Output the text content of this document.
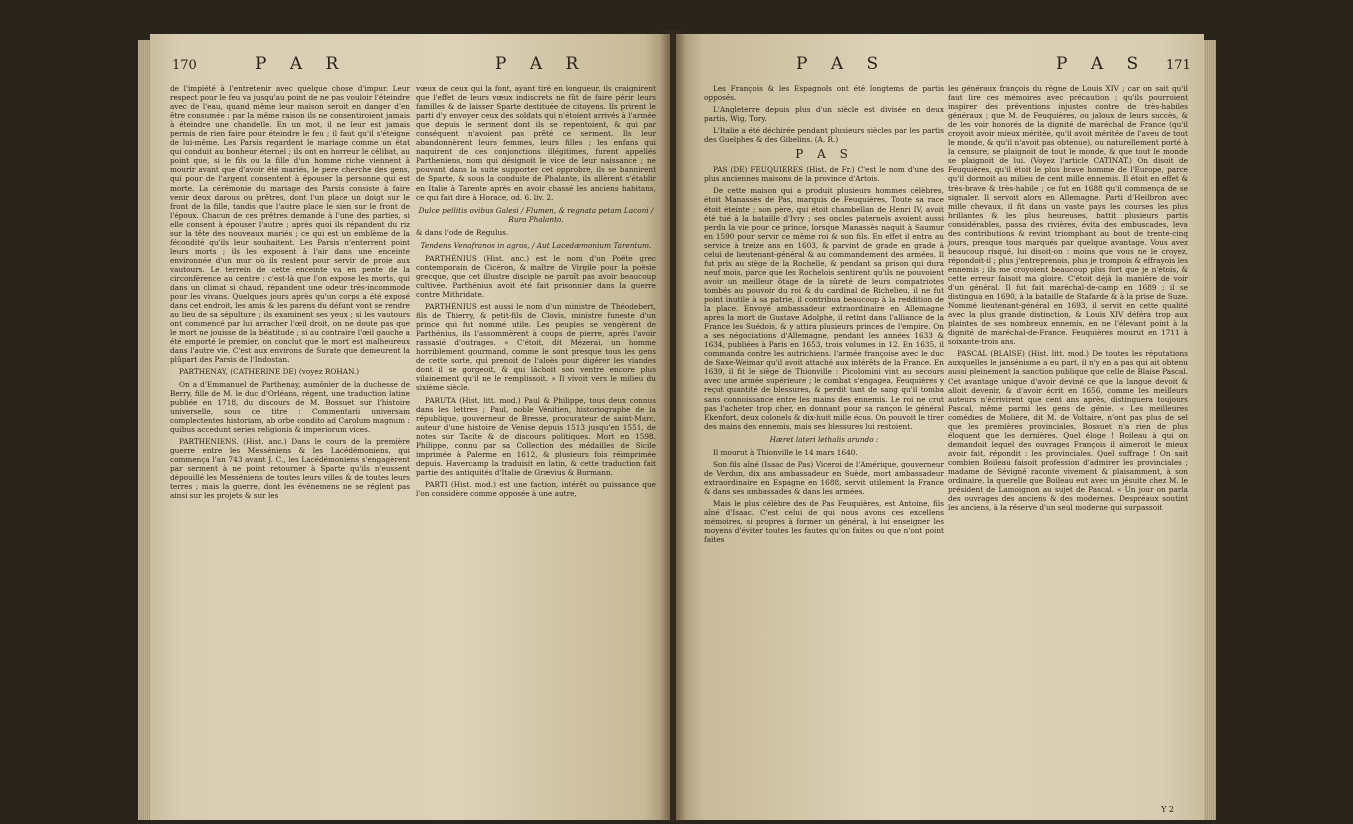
170	P A R	P A R

de l'impiété à l'entretenir avec quelque chose d'impur. Leur respect pour le feu va jusqu'au point de ne pas vouloir l'éteindre avec de l'eau, quand même leur maison seroit en danger d'en être consumée : par la même raison ils ne consentiroient jamais à éteindre une chandelle. En un mot, il ne leur est jamais permis de rien faire pour éteindre le feu ; il faut qu'il s'éteigne de lui-même. Les Parsis regardent le mariage comme un état qui conduit au bonheur éternel ; ils ont en horreur le célibat, au point que, si le fils ou la fille d'un homme riche viennent à mourir avant que d'avoir été mariés, le pere cherche des gens, qui pour de l'argent consentent à épouser la personne qui est morte. La cérémonie du mariage des Parsis consiste à faire venir deux darous ou prêtres, dont l'un place un doigt sur le front de la fille, tandis que l'autre place le sien sur le front de l'époux. Chacun de ces prêtres demande à l'une des parties, si elle consent à épouser l'autre ; après quoi ils répandent du riz sur la tête des nouveaux mariés ; ce qui est un emblème de la fécondité qu'ils leur souhaitent. Les Parsis n'enterrent point leurs morts ; ils les exposent à l'air dans une enceinte environnée d'un mur où ils restent pour servir de proie aux vautours. Le terrein de cette enceinte va en pente de la circonférence au centre : c'est-là que l'on expose les morts, qui dans un climat si chaud, répandent une odeur très-incommode pour les vivans. Quelques jours après qu'un corps a été exposé dans cet endroit, les amis & les parens du défunt vont se rendre au lieu de sa sépulture ; ils examinent ses yeux ; si les vautours ont commencé par lui arracher l'œil droit, on ne doute pas que le mort ne jouisse de la béatitude ; si au contraire l'œil gauche a été emporté le premier, on conclut que le mort est malheureux dans l'autre vie. C'est aux environs de Surate que demeurent la plûpart des Parsis de l'Indostan.

PARTHENAY, (CATHERINE DE) (voyez ROHAN.)

On a d'Emmanuel de Parthenay, aumônier de la duchesse de Berry, fille de M. le duc d'Orléans, régent, une traduction latine publiée en 1718, du discours de M. Bossuet sur l'histoire universelle, sous ce titre : Commentarii universam complectentes historiam, ab orbe condito ad Carolum magnum : quibus accedunt series religionis & imperiorum vices.

PARTHENIENS. (Hist. anc.) Dans le cours de la première guerre entre les Messéniens & les Lacédémoniens, qui commença l'an 743 avant J. C., les Lacédémoniens s'engagèrent par serment à ne point retourner à Sparte qu'ils n'eussent dépouillé les Messéniens de toutes leurs villes & de toutes leurs terres ; mais la guerre, dont les événemens ne se réglent pas ainsi sur les projets & sur les

vœux de ceux qui la font, ayant tiré en longueur, ils craignirent que l'effet de leurs vœux indiscrets ne fût de faire périr leurs familles & de laisser Sparte destituée de citoyens. Ils prirent le parti d'y envoyer ceux des soldats qui n'étoient arrivés à l'armée que depuis le serment dont ils se repentoient, & qui par conséquent n'avoient pas prêté ce serment. Ils leur abandonnèrent leurs femmes, leurs filles ; les enfans qui naquirent de ces conjonctions illégitimes, furent appellés Partheniens, nom qui désignoit le vice de leur naissance ; ne pouvant dans la suite supporter cet opprobre, ils se bannirent de Sparte, & sous la conduite de Phalante, ils allèrent s'établir en Italie à Tarente après en avoir chassé les anciens habitans, ce qui fait dire à Horace, od. 6. liv. 2.

Dulce pellitis ovibus Galesi / Flumen, & regnata petam Laconi / Rura Phalanto.

& dans l'ode de Regulus.

Tendens Venafranos in agros, / Aut Lacedæmonium Tarentum.

PARTHÉNIUS (Hist. anc.) est le nom d'un Poëte grec contemporain de Cicéron, & maître de Virgile pour la poësie grecque, que cet illustre disciple ne paroît pas avoir beaucoup cultivée. Parthénius avoit été fait prisonnier dans la guerre contre Mithridate.

PARTHÉNIUS est aussi le nom d'un ministre de Théodebert, fils de Thierry, & petit-fils de Clovis, ministre funeste d'un prince qui fut nommé utile. Les peuples se vengèrent de Parthénius, ils l'assommèrent à coups de pierre, après l'avoir rassasié d'outrages. « C'étoit, dit Mézerai, un homme horriblement gourmand, comme le sont presque tous les gens de cette sorte, qui prenoit de l'aloès pour digérer les viandes dont il se gorgeoit, & qui lâchoit son ventre encore plus vilainement qu'il ne le remplissoit. » Il vivoit vers le milieu du sixième siècle.

PARUTA (Hist. litt. mod.) Paul & Philippe, tous deux connus dans les lettres ; Paul, noble Vénitien, historiographe de la république, gouverneur de Bresse, procurateur de saint-Marc, auteur d'une histoire de Venise depuis 1513 jusqu'en 1551, de notes sur Tacite & de discours politiques. Mort en 1598. Philippe, connu par sa Collection des médailles de Sicile imprimée à Palerme en 1612, & plusieurs fois réimprimée depuis. Havercamp la traduisit en latin, & cette traduction fait partie des antiquités d'Italie de Grævius & Burmann.

PARTI (Hist. mod.) est une faction, intérêt ou puissance que l'on considère comme opposée à une autre,

P A S	P A S 171

Les François & les Espagnols ont été longtems de partis opposés.

L'Angleterre depuis plus d'un siècle est divisée en deux partis, Wig, Tory.

L'Italie a été déchirée pendant plusieurs siècles par les partis des Guelphes & des Gibelins. (A. R.)

P A S

PAS (DE) FEUQUIERES (Hist. de Fr.) C'est le nom d'une des plus anciennes maisons de la province d'Artois.

De cette maison qui a produit plusieurs hommes célèbres, étoit Manassès de Pas, marquis de Feuquières, Toute sa race étoit éteinte ; son père, qui étoit chambellan de Henri IV, avoit été tué à la bataille d'Ivry ; ses oncles paternels avoient aussi perdu la vie pour ce prince, lorsque Manassès naquit à Saumur en 1590 pour servir ce même roi & son fils. En effet il entra au service à treize ans en 1603, & parvint de grade en grade à celui de lieutenant-général & au commandement des armées. Il fut pris au siège de la Rochelle, & pendant sa prison qui dura neuf mois, parce que les Rochelois sentirent qu'ils ne pouvoient avoir un meilleur ôtage de la sûreté de leurs compatriotes tombés au pouvoir du roi & du cardinal de Richelieu, il ne fut point inutile à sa patrie, il contribua beaucoup à la reddition de la place. Envoyé ambassadeur extraordinaire en Allemagne après la mort de Gustave Adolphe, il retint dans l'alliance de la France les Suédois, & y attira plusieurs princes de l'empire. On a ses négociations d'Allemagne, pendant les années 1633 & 1634, publiées à Paris en 1653, trois volumes in 12. En 1635, il commanda contre les autrichiens. l'armée françoise avec le duc de Saxe-Weimar qu'il avoit attaché aux intérêts de la France. En 1639, il fit le siège de Thionville : Picolomini vint au secours avec une armée supérieure ; le combat s'engagea, Feuquières y reçut quantité de blessures, & perdit tant de sang qu'il tomba sans connoissance entre les mains des ennemis. Le roi ne crut pas l'acheter trop cher, en donnant pour sa rançon le général Ekenfort, deux colonels & dix-huit mille écus. On pouvoit le tirer des mains des ennemis, mais ses blessures lui restoient.

Hæret lateri lethalis arundo :

Il mourut à Thionville le 14 mars 1640.

Son fils aîné (Isaac de Pas) Viceroi de l'Amérique, gouverneur de Verdun, dix ans ambassadeur en Suède, mort ambassadeur extraordinaire en Espagne en 1688, servit utilement la France & dans ses ambassades & dans les armées.

Mais le plus célèbre des de Pas Feuquières, est Antoine, fils aîné d'Isaac. C'est celui de qui nous avons ces excellens mémoires, si propres à former un général, à lui enseigner les moyens d'éviter toutes les fautes qu'on faites ou que n'ont point faites

les généraux françois du règne de Louis XIV ; car on sait qu'il faut lire ces mémoires avec précaution ; qu'ils pourroient inspirer des préventions injustes contre de très-habiles généraux ; que M. de Feuquières, ou jaloux de leurs succès, & de les voir honorés de la dignité de maréchal de France (qu'il croyoit avoir mieux méritée, qu'il avoit méritée de l'aveu de tout le monde, & qu'il n'avoit pas obtenue), ou naturellement porté à la censure, se plaignoit de tout le monde, & que tout le monde se plaignoit de lui. (Voyez l'article CATINAT.) On disoit de Feuquières, qu'il étoit le plus brave homme de l'Europe, parce qu'il dormoit au milieu de cent mille ennemis. Il étoit en effet & très-brave & très-habile ; ce fut en 1688 qu'il commença de se signaler. Il servoit alors en Allemagne. Parti d'Heilbron avec mille chevaux, il fit dans un vaste pays les courses les plus brillantes & les plus heureuses, battit plusieurs partis considérables, passa des rivières, évita des embuscades, leva des contributions & revint triomphant au bout de trente-cinq jours, presque tous marqués par quelque avantage. Vous avez beaucoup risqué, lui disoit-on : moins que vous ne le croyez, répondoit-il ; plus j'entreprenois, plus je trompois & effrayois les ennemis ; ils me croyoient beaucoup plus fort que je n'étois, & cette erreur faisoit ma gloire. C'étoit déjà la manière de voir d'un général. Il fut fait maréchal-de-camp en 1689 ; il se distingua en 1690, à la bataille de Stafarde & à la prise de Suze. Nommé lieutenant-général en 1693, il servit en cette qualité avec la plus grande distinction, & Louis XIV déféra trop aux plaintes de ses nombreux ennemis, en ne l'élevant point à la dignité de maréchal-de-France. Feuquières mourut en 1711 à soixante-trois ans.

PASCAL (BLAISE) (Hist. litt. mod.) De toutes les réputations auxquelles le jansénisme a eu part, il n'y en a pas qui ait obtenu aussi pleinement la sanction publique que celle de Blaise Pascal. Cet avantage unique d'avoir deviné ce que la langue devoit & alloit devenir, & d'avoir écrit en 1656, comme les meilleurs auteurs n'écrivirent que cent ans après, distinguera toujours Pascal, même parmi les gens de génie. « Les meilleures comédies de Molière, dit M. de Voltaire, n'ont pas plus de sel que les premières provinciales, Bossuet n'a rien de plus éloquent que les dernières. Quel éloge ! Boileau à qui on demandoit lequel des ouvrages François il aimeroit le mieux avoir fait, répondit : les provinciales. Quel suffrage ! On sait combien Boileau faisoit profession d'admirer les provinciales ; madame de Sévigné raconte vivement & plaisamment, à son ordinaire, la querelle que Boileau eut avec un jésuite chez M. le président de Lamoignon au sujet de Pascal. « Un jour on parla des ouvrages des anciens & des modernes. Despréaux soutint les anciens, à la réserve d'un seul moderne qui surpassoit

Y 2
